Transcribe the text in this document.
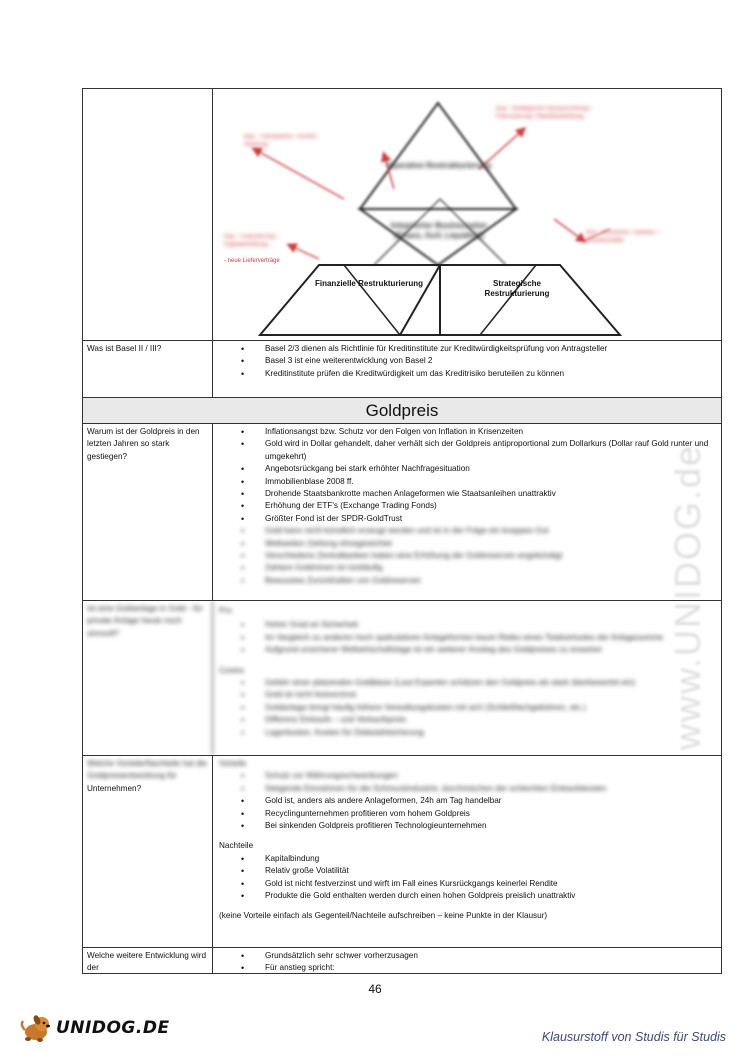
Operative Restrukturierung
Integrierter Businessplan (Bilanz, GuV, Liquidität)
Finanzielle Restrukturierung	Strategische Restrukturierung
Bsp.: Transparenz / Kosten-Senkung
Bsp.: Strategische Neuausrichtung / Fokussierung / Marktbearbeitung
Bsp.: Finanzierung / Kapitalerhöhung
- neue Lieferverträge
Bsp.: Investoren / Banken / Gesellschafter
Was ist Basel II / III?
•	Basel 2/3 dienen als Richtlinie für Kreditinstitute zur Kreditwürdigkeitsprüfung von Antragsteller
• Basel 3 ist eine weiterentwicklung von Basel 2
• Kreditinstitute prüfen die Kreditwürdigkeit um das Kreditrisiko beruteilen zu können
Goldpreis
Warum ist der Goldpreis in den letzten Jahren so stark gestiegen?
• Inflationsangst bzw. Schutz vor den Folgen von Inflation in Krisenzeiten
• Gold wird in Dollar gehandelt, daher verhält sich der Goldpreis antiproportional zum Dollarkurs (Dollar rauf Gold runter und umgekehrt)
• Angebotsrückgang bei stark erhöhter Nachfragesituation
• Immobilienblase 2008 ff.
• Drohende Staatsbankrotte machen Anlageformen wie Staatsanleihen unattraktiv
• Erhöhung der ETF's (Exchange Trading Fonds)
• Größter Fond ist der SPDR-GoldTrust
• Gold kann nicht künstlich erzeugt werden und ist in der Folge ein knappes Gut
• Weltweiten Zahlung ohnegewichtet
• Verschiedene Zentralbanken haben eine Erhöhung der Goldreserven angekündigt
• Zahlare Goldminen ist rückläufig
• Bewusstes Zurückhalten von Goldreserven
Ist eine Goldanlage in Gold - für private Anlage heute noch sinnvoll?
Pro
• Hoher Grad an Sicherheit
• Im Vergleich zu anderen hoch spekulativen Anlageformen kaum Risiko eines Totalverlustes der Anlagesumme
• Aufgrund unsicherer Weltwirtschaftslage ist ein weiterer Anstieg des Goldpreises zu erwarten
Contra
• Gefahr einer platzenden Goldblase (Laut Experten schätzen den Goldpreis als stark überbewertet ein)
• Gold ist nicht festverzinst
• Goldanlage bringt häufig höhere Verwaltungskosten mit sich (Schließfachgebühren, etc.)
• Differenz Einkaufs – und Verkaufspreis
• Lagerkosten, Kosten für Diebstahlsicherung
Welche Vorteile/Nachteile hat die Goldpreisentwicklung für
Unternehmen?
Vorteile
• Schutz vor Währungsschwankungen
• Steigende Einnahmen für die Schmuckindustrie, durchmischen der schlechten Einkaufskosten
• Gold ist, anders als andere Anlageformen, 24h am Tag handelbar
• Recyclingunternehmen profitieren vom hohem Goldpreis
• Bei sinkenden Goldpreis profitieren Technologieunternehmen
Nachteile
• Kapitalbindung
• Relativ große Volatilität
• Gold ist nicht festverzinst und wirft im Fall eines Kursrückgangs keinerlei Rendite
• Produkte die Gold enthalten werden durch einen hohen Goldpreis preislich unattraktiv
(keine Vorteile einfach als Gegenteil/Nachteile aufschreiben – keine Punkte in der Klausur)
Welche weitere Entwicklung wird der
• Grundsätzlich sehr schwer vorherzusagen
• Für anstieg spricht:
www.UNIDOG.de
46
UNIDOG.DE	Klausurstoff von Studis für Studis
